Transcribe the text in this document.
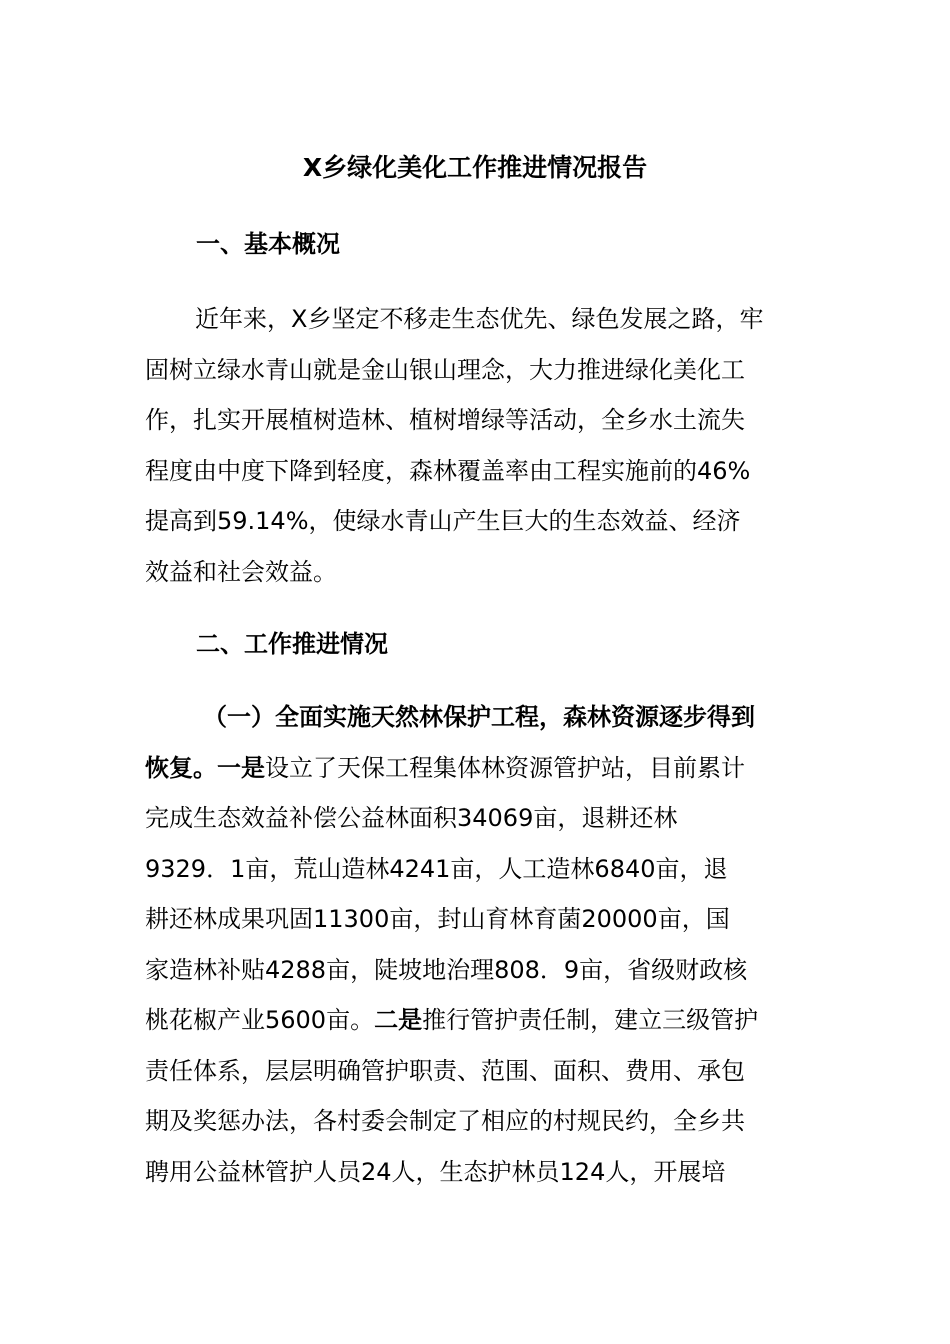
X乡绿化美化工作推进情况报告
一、基本概况
近年来，X乡坚定不移走生态优先、绿色发展之路，牢
固树立绿水青山就是金山银山理念，大力推进绿化美化工
作，扎实开展植树造林、植树增绿等活动，全乡水土流失
程度由中度下降到轻度，森林覆盖率由工程实施前的46%
提高到59.14%，使绿水青山产生巨大的生态效益、经济
效益和社会效益。
二、工作推进情况
（一）全面实施天然林保护工程，森林资源逐步得到
恢复。一是设立了天保工程集体林资源管护站，目前累计
完成生态效益补偿公益林面积34069亩，退耕还林
9329．1亩，荒山造林4241亩，人工造林6840亩，退
耕还林成果巩固11300亩，封山育林育菌20000亩，国
家造林补贴4288亩，陡坡地治理808．9亩，省级财政核
桃花椒产业5600亩。二是推行管护责任制，建立三级管护
责任体系，层层明确管护职责、范围、面积、费用、承包
期及奖惩办法，各村委会制定了相应的村规民约，全乡共
聘用公益林管护人员24人，生态护林员124人，开展培
